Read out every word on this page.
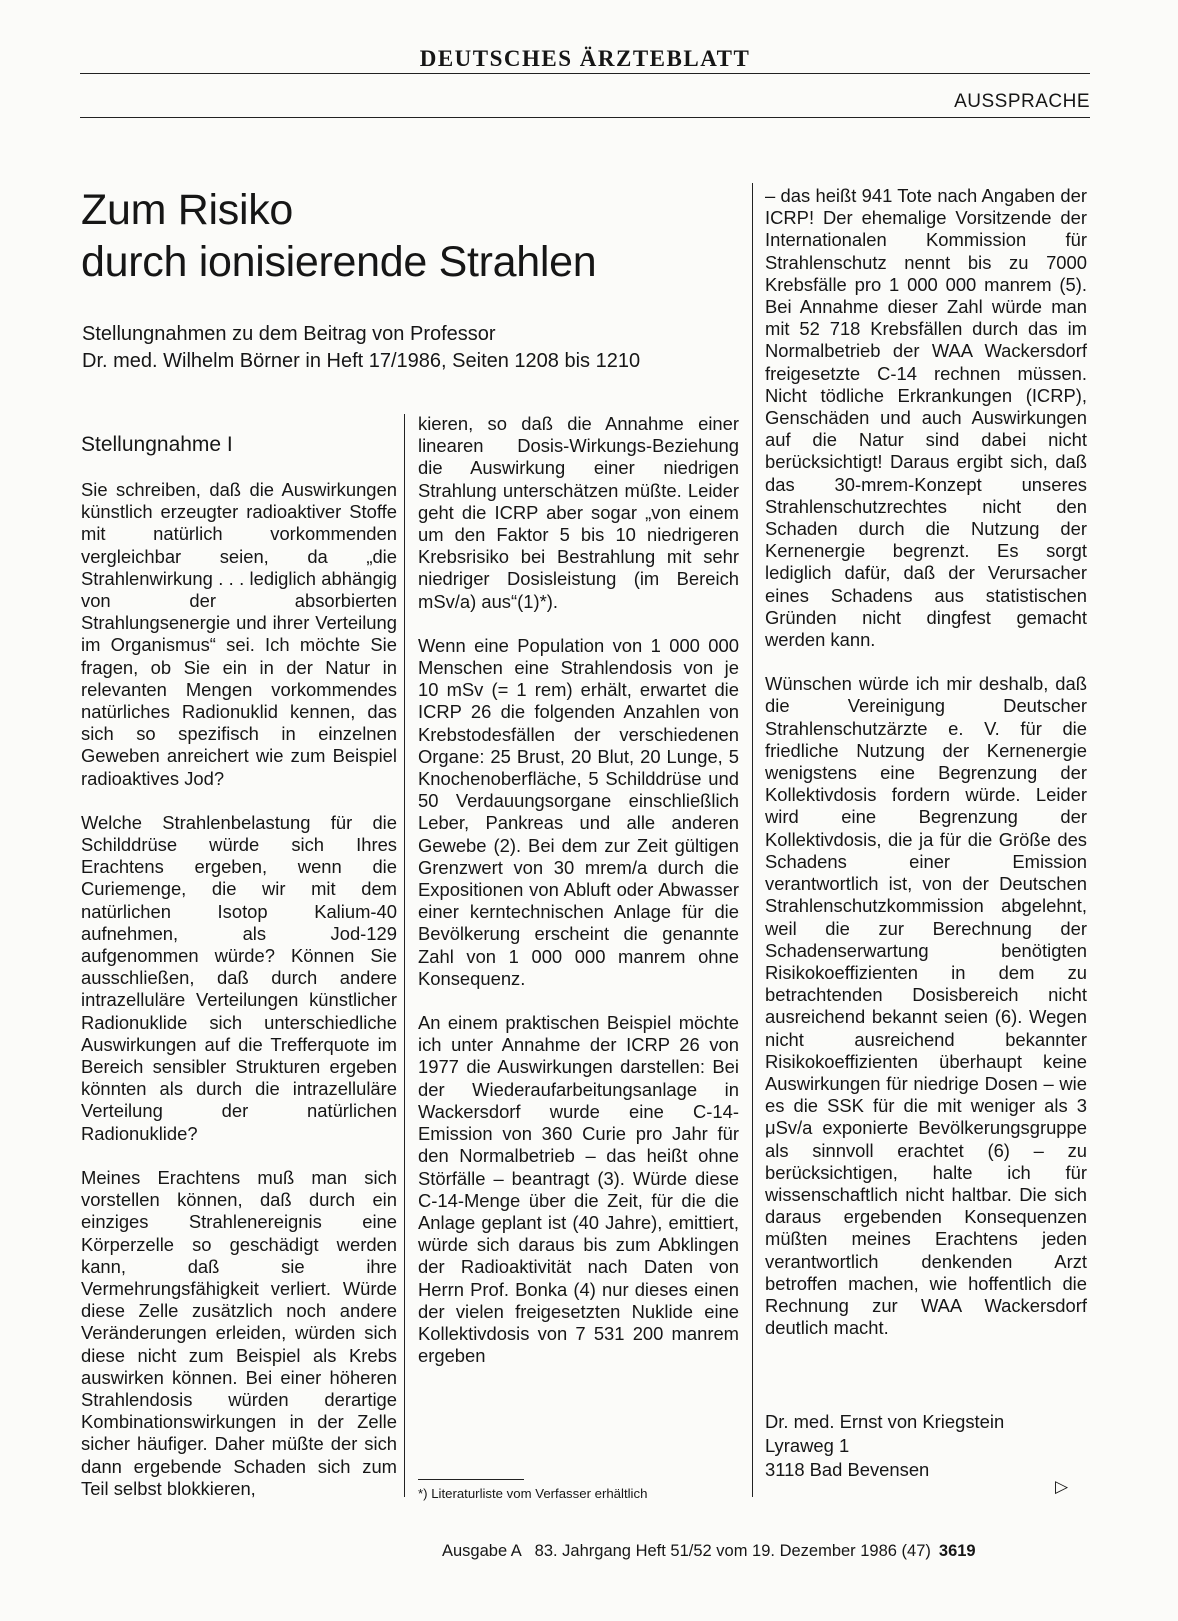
DEUTSCHES ÄRZTEBLATT
AUSSPRACHE
Zum Risiko
durch ionisierende Strahlen
Stellungnahmen zu dem Beitrag von Professor
Dr. med. Wilhelm Börner in Heft 17/1986, Seiten 1208 bis 1210
Stellungnahme I

Sie schreiben, daß die Auswirkungen künstlich erzeugter radioaktiver Stoffe mit natürlich vorkommenden vergleichbar seien, da „die Strahlenwirkung . . . lediglich abhängig von der absorbierten Strahlungsenergie und ihrer Verteilung im Organismus“ sei. Ich möchte Sie fragen, ob Sie ein in der Natur in relevanten Mengen vorkommendes natürliches Radionuklid kennen, das sich so spezifisch in einzelnen Geweben anreichert wie zum Beispiel radioaktives Jod?

Welche Strahlenbelastung für die Schilddrüse würde sich Ihres Erachtens ergeben, wenn die Curiemenge, die wir mit dem natürlichen Isotop Kalium-40 aufnehmen, als Jod-129 aufgenommen würde? Können Sie ausschließen, daß durch andere intrazelluläre Verteilungen künstlicher Radionuklide sich unterschiedliche Auswirkungen auf die Trefferquote im Bereich sensibler Strukturen ergeben könnten als durch die intrazelluläre Verteilung der natürlichen Radionuklide?

Meines Erachtens muß man sich vorstellen können, daß durch ein einziges Strahlenereignis eine Körperzelle so geschädigt werden kann, daß sie ihre Vermehrungsfähigkeit verliert. Würde diese Zelle zusätzlich noch andere Veränderungen erleiden, würden sich diese nicht zum Beispiel als Krebs auswirken können. Bei einer höheren Strahlendosis würden derartige Kombinationswirkungen in der Zelle sicher häufiger. Daher müßte der sich dann ergebende Schaden sich zum Teil selbst blokkieren,

kieren, so daß die Annahme einer linearen Dosis-Wirkungs-Beziehung die Auswirkung einer niedrigen Strahlung unterschätzen müßte. Leider geht die ICRP aber sogar „von einem um den Faktor 5 bis 10 niedrigeren Krebsrisiko bei Bestrahlung mit sehr niedriger Dosisleistung (im Bereich mSv/a) aus“(1)*).

Wenn eine Population von 1 000 000 Menschen eine Strahlendosis von je 10 mSv (= 1 rem) erhält, erwartet die ICRP 26 die folgenden Anzahlen von Krebstodesfällen der verschiedenen Organe: 25 Brust, 20 Blut, 20 Lunge, 5 Knochenoberfläche, 5 Schilddrüse und 50 Verdauungsorgane einschließlich Leber, Pankreas und alle anderen Gewebe (2). Bei dem zur Zeit gültigen Grenzwert von 30 mrem/a durch die Expositionen von Abluft oder Abwasser einer kerntechnischen Anlage für die Bevölkerung erscheint die genannte Zahl von 1 000 000 manrem ohne Konsequenz.

An einem praktischen Beispiel möchte ich unter Annahme der ICRP 26 von 1977 die Auswirkungen darstellen: Bei der Wiederaufarbeitungsanlage in Wackersdorf wurde eine C-14-Emission von 360 Curie pro Jahr für den Normalbetrieb – das heißt ohne Störfälle – beantragt (3). Würde diese C-14-Menge über die Zeit, für die die Anlage geplant ist (40 Jahre), emittiert, würde sich daraus bis zum Abklingen der Radioaktivität nach Daten von Herrn Prof. Bonka (4) nur dieses einen der vielen freigesetzten Nuklide eine Kollektivdosis von 7 531 200 manrem ergeben

– das heißt 941 Tote nach Angaben der ICRP! Der ehemalige Vorsitzende der Internationalen Kommission für Strahlenschutz nennt bis zu 7000 Krebsfälle pro 1 000 000 manrem (5). Bei Annahme dieser Zahl würde man mit 52 718 Krebsfällen durch das im Normalbetrieb der WAA Wackersdorf freigesetzte C-14 rechnen müssen. Nicht tödliche Erkrankungen (ICRP), Genschäden und auch Auswirkungen auf die Natur sind dabei nicht berücksichtigt! Daraus ergibt sich, daß das 30-mrem-Konzept unseres Strahlenschutzrechtes nicht den Schaden durch die Nutzung der Kernenergie begrenzt. Es sorgt lediglich dafür, daß der Verursacher eines Schadens aus statistischen Gründen nicht dingfest gemacht werden kann.

Wünschen würde ich mir deshalb, daß die Vereinigung Deutscher Strahlenschutzärzte e. V. für die friedliche Nutzung der Kernenergie wenigstens eine Begrenzung der Kollektivdosis fordern würde. Leider wird eine Begrenzung der Kollektivdosis, die ja für die Größe des Schadens einer Emission verantwortlich ist, von der Deutschen Strahlenschutzkommission abgelehnt, weil die zur Berechnung der Schadenserwartung benötigten Risikokoeffizienten in dem zu betrachtenden Dosisbereich nicht ausreichend bekannt seien (6). Wegen nicht ausreichend bekannter Risikokoeffizienten überhaupt keine Auswirkungen für niedrige Dosen – wie es die SSK für die mit weniger als 3 μSv/a exponierte Bevölkerungsgruppe als sinnvoll erachtet (6) – zu berücksichtigen, halte ich für wissenschaftlich nicht haltbar. Die sich daraus ergebenden Konsequenzen müßten meines Erachtens jeden verantwortlich denkenden Arzt betroffen machen, wie hoffentlich die Rechnung zur WAA Wackersdorf deutlich macht.

Dr. med. Ernst von Kriegstein
Lyraweg 1
3118 Bad Bevensen
▷
*) Literaturliste vom Verfasser erhältlich
Ausgabe A   83. Jahrgang Heft 51/52 vom 19. Dezember 1986 (47) 3619
